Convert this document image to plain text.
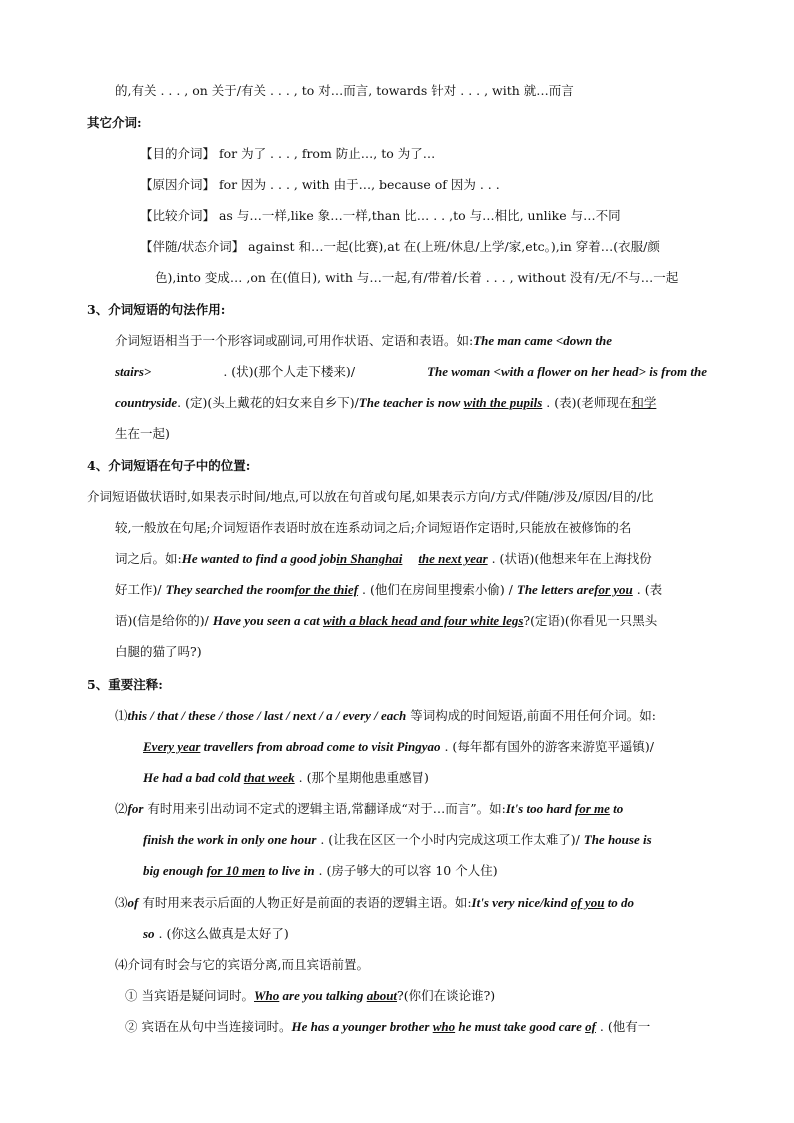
的,有关 . . . , on 关于/有关 . . . , to 对…而言, towards 针对 . . . , with 就…而言
其它介词:
【目的介词】 for 为了 . . . , from 防止…, to 为了…
【原因介词】 for 因为 . . . , with 由于…, because of 因为 . . .
【比较介词】 as 与…一样,like 象…一样,than 比… . . ,to 与…相比, unlike 与…不同
【伴随/状态介词】 against 和…一起(比赛),at 在(上班/休息/上学/家,etc。),in 穿着…(衣服/颜
色),into 变成… ,on 在(值日), with 与…一起,有/带着/长着 . . . , without 没有/无/不与…一起
3、介词短语的句法作用:
介词短语相当于一个形容词或副词,可用作状语、定语和表语。如:The man came <down the
stairs>	. (状)(那个人走下楼来)/	The woman <with a flower on her head> is from the
countryside. (定)(头上戴花的妇女来自乡下)/The teacher is now with the pupils . (表)(老师现在和学
生在一起)
4、介词短语在句子中的位置:
介词短语做状语时,如果表示时间/地点,可以放在句首或句尾,如果表示方向/方式/伴随/涉及/原因/目的/比
较,一般放在句尾;介词短语作表语时放在连系动词之后;介词短语作定语时,只能放在被修饰的名
词之后。如:He wanted to find a good jobin Shanghai the next year . (状语)(他想来年在上海找份
好工作)/ They searched the roomfor the thief . (他们在房间里搜索小偷) / The letters arefor you . (表
语)(信是给你的)/ Have you seen a cat with a black head and four white legs?(定语)(你看见一只黑头
白腿的猫了吗?)
5、重要注释:
⑴this / that / these / those / last / next / a / every / each 等词构成的时间短语,前面不用任何介词。如:
Every year travellers from abroad come to visit Pingyao . (每年都有国外的游客来游览平遥镇)/
He had a bad cold that week . (那个星期他患重感冒)
⑵for 有时用来引出动词不定式的逻辑主语,常翻译成“对于…而言”。如:It's too hard for me to
finish the work in only one hour . (让我在区区一个小时内完成这项工作太难了)/ The house is
big enough for 10 men to live in . (房子够大的可以容 10 个人住)
⑶of 有时用来表示后面的人物正好是前面的表语的逻辑主语。如:It's very nice/kind of you to do
so . (你这么做真是太好了)
⑷介词有时会与它的宾语分离,而且宾语前置。
① 当宾语是疑问词时。Who are you talking about?(你们在谈论谁?)
② 宾语在从句中当连接词时。He has a younger brother who he must take good care of . (他有一
